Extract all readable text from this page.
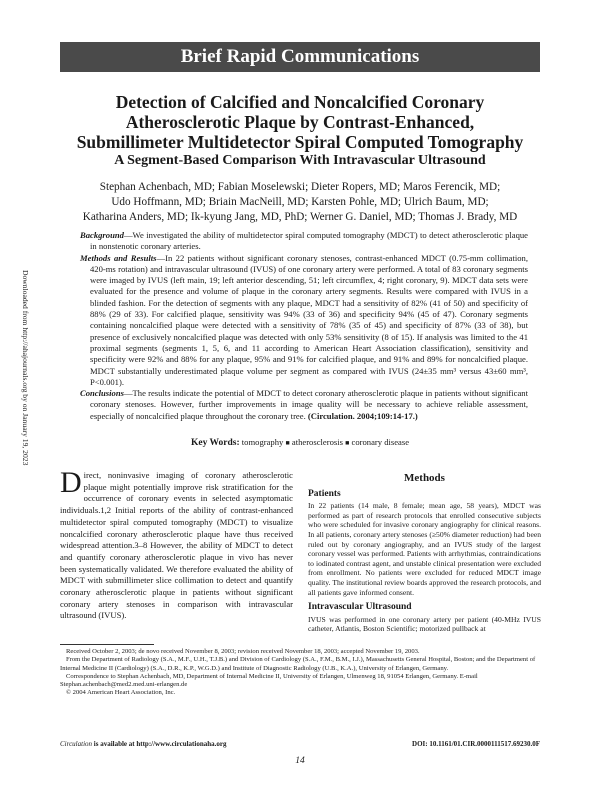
Brief Rapid Communications
Detection of Calcified and Noncalcified Coronary
Atherosclerotic Plaque by Contrast-Enhanced,
Submillimeter Multidetector Spiral Computed Tomography
A Segment-Based Comparison With Intravascular Ultrasound
Stephan Achenbach, MD; Fabian Moselewski; Dieter Ropers, MD; Maros Ferencik, MD;
Udo Hoffmann, MD; Briain MacNeill, MD; Karsten Pohle, MD; Ulrich Baum, MD;
Katharina Anders, MD; Ik-kyung Jang, MD, PhD; Werner G. Daniel, MD; Thomas J. Brady, MD

Background—We investigated the ability of multidetector spiral computed tomography (MDCT) to detect atherosclerotic plaque in nonstenotic coronary arteries.

Methods and Results—In 22 patients without significant coronary stenoses, contrast-enhanced MDCT (0.75-mm collimation, 420-ms rotation) and intravascular ultrasound (IVUS) of one coronary artery were performed. A total of 83 coronary segments were imaged by IVUS (left main, 19; left anterior descending, 51; left circumflex, 4; right coronary, 9). MDCT data sets were evaluated for the presence and volume of plaque in the coronary artery segments. Results were compared with IVUS in a blinded fashion. For the detection of segments with any plaque, MDCT had a sensitivity of 82% (41 of 50) and specificity of 88% (29 of 33). For calcified plaque, sensitivity was 94% (33 of 36) and specificity 94% (45 of 47). Coronary segments containing noncalcified plaque were detected with a sensitivity of 78% (35 of 45) and specificity of 87% (33 of 38), but presence of exclusively noncalcified plaque was detected with only 53% sensitivity (8 of 15). If analysis was limited to the 41 proximal segments (segments 1, 5, 6, and 11 according to American Heart Association classification), sensitivity and specificity were 92% and 88% for any plaque, 95% and 91% for calcified plaque, and 91% and 89% for noncalcified plaque. MDCT substantially underestimated plaque volume per segment as compared with IVUS (24±35 mm³ versus 43±60 mm³, P<0.001).

Conclusions—The results indicate the potential of MDCT to detect coronary atherosclerotic plaque in patients without significant coronary stenoses. However, further improvements in image quality will be necessary to achieve reliable assessment, especially of noncalcified plaque throughout the coronary tree. (Circulation. 2004;109:14-17.)

Key Words: tomography ■ atherosclerosis ■ coronary disease
Downloaded from http://ahajournals.org by on January 19, 2023
Direct, noninvasive imaging of coronary atherosclerotic plaque might potentially improve risk stratification for the occurrence of coronary events in selected asymptomatic individuals.1,2 Initial reports of the ability of contrast-enhanced multidetector spiral computed tomography (MDCT) to visualize noncalcified coronary atherosclerotic plaque have thus received widespread attention.3–8 However, the ability of MDCT to detect and quantify coronary atherosclerotic plaque in vivo has never been systematically validated. We therefore evaluated the ability of MDCT with submillimeter slice collimation to detect and quantify coronary atherosclerotic plaque in patients without significant coronary artery stenoses in comparison with intravascular ultrasound (IVUS).
Methods
Patients

In 22 patients (14 male, 8 female; mean age, 58 years), MDCT was performed as part of research protocols that enrolled consecutive subjects who were scheduled for invasive coronary angiography for clinical reasons. In all patients, coronary artery stenoses (≥50% diameter reduction) had been ruled out by coronary angiography, and an IVUS study of the largest coronary vessel was performed. Patients with arrhythmias, contraindications to iodinated contrast agent, and unstable clinical presentation were excluded from enrollment. No patients were excluded for reduced MDCT image quality. The institutional review boards approved the research protocols, and all patients gave informed consent.

Intravascular Ultrasound

IVUS was performed in one coronary artery per patient (40-MHz IVUS catheter, Atlantis, Boston Scientific; motorized pullback at

Received October 2, 2003; de novo received November 8, 2003; revision received November 18, 2003; accepted November 19, 2003.

From the Department of Radiology (S.A., M.F., U.H., T.J.B.) and Division of Cardiology (S.A., F.M., B.M., I.J.), Massachusetts General Hospital, Boston; and the Department of Internal Medicine II (Cardiology) (S.A., D.R., K.P., W.G.D.) and Institute of Diagnostic Radiology (U.B., K.A.), University of Erlangen, Germany.

Correspondence to Stephan Achenbach, MD, Department of Internal Medicine II, University of Erlangen, Ulmenweg 18, 91054 Erlangen, Germany. E-mail Stephan.achenbach@med2.med.uni-erlangen.de

© 2004 American Heart Association, Inc.

Circulation is available at http://www.circulationaha.org	DOI: 10.1161/01.CIR.0000111517.69230.0F
14
